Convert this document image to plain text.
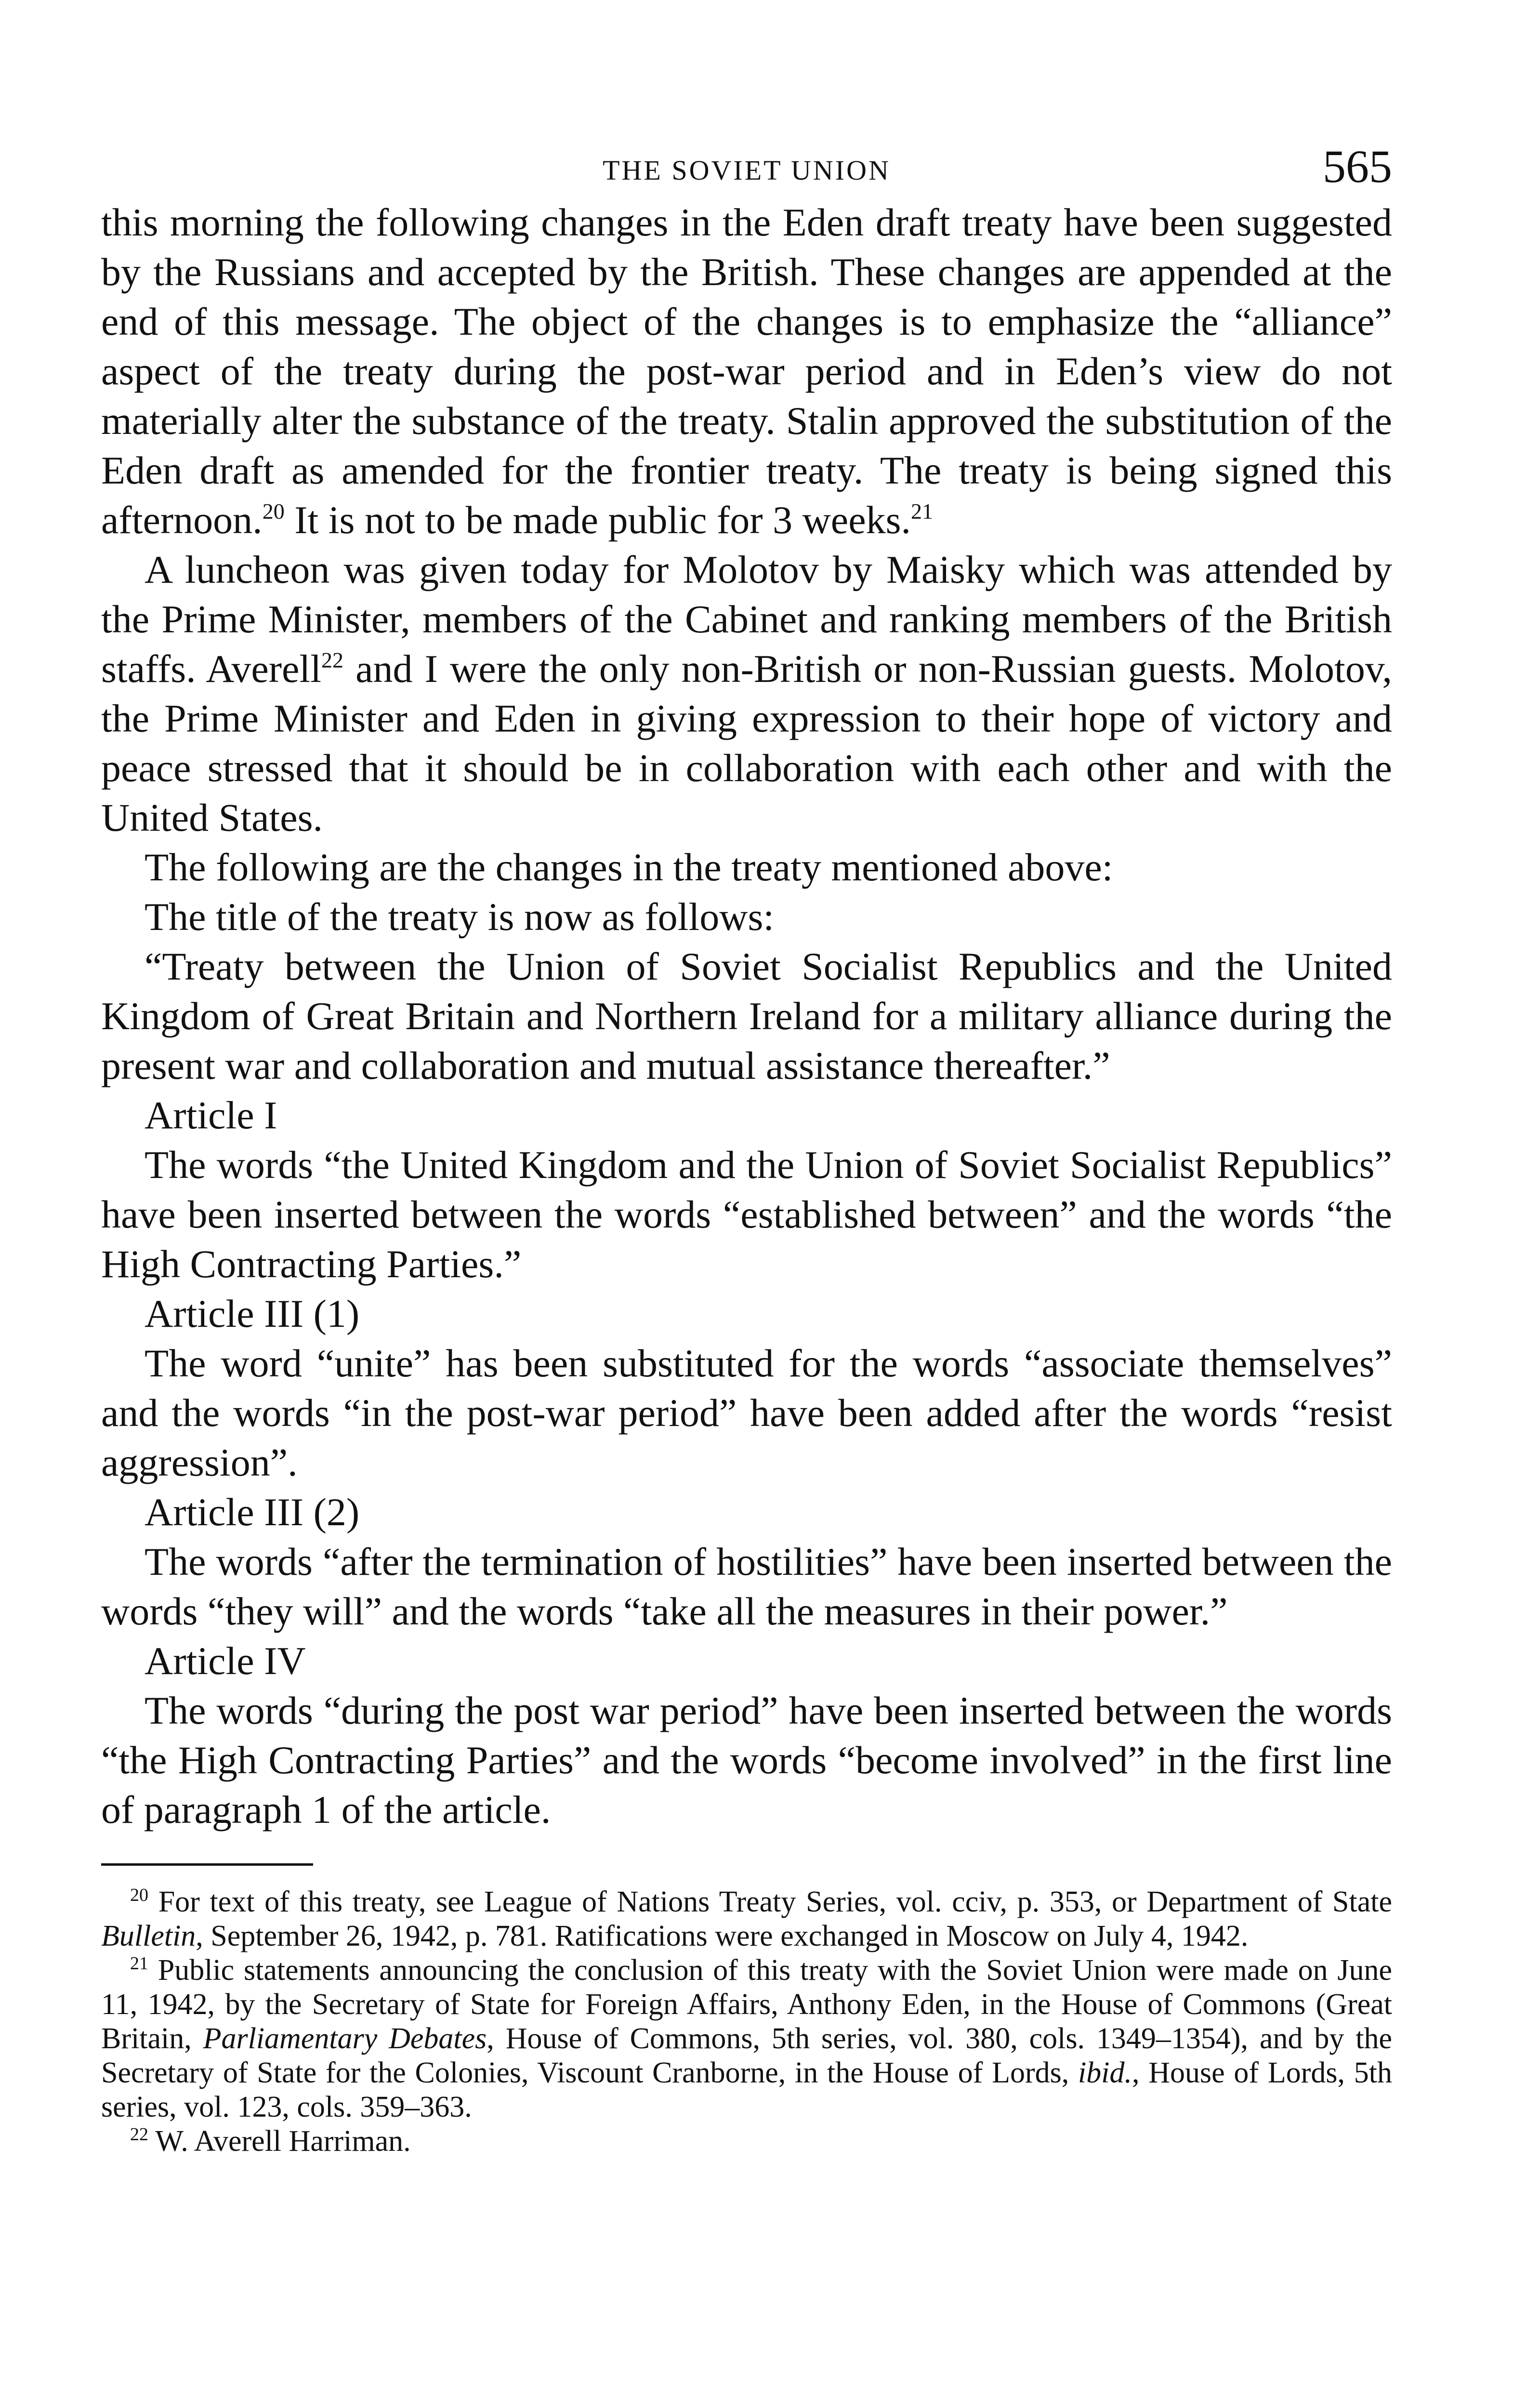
THE SOVIET UNION	565

this morning the following changes in the Eden draft treaty have been suggested by the Russians and accepted by the British. These changes are appended at the end of this message. The object of the changes is to emphasize the “alliance” aspect of the treaty during the post-war period and in Eden’s view do not materially alter the substance of the treaty. Stalin approved the substitution of the Eden draft as amended for the frontier treaty. The treaty is being signed this afternoon.$^{20}$ It is not to be made public for 3 weeks.$^{21}$

A luncheon was given today for Molotov by Maisky which was attended by the Prime Minister, members of the Cabinet and ranking members of the British staffs. Averell$^{22}$ and I were the only non-British or non-Russian guests. Molotov, the Prime Minister and Eden in giving expression to their hope of victory and peace stressed that it should be in collaboration with each other and with the United States.

The following are the changes in the treaty mentioned above:

The title of the treaty is now as follows:

“Treaty between the Union of Soviet Socialist Republics and the United Kingdom of Great Britain and Northern Ireland for a military alliance during the present war and collaboration and mutual assistance thereafter.”

Article I

The words “the United Kingdom and the Union of Soviet Socialist Republics” have been inserted between the words “established between” and the words “the High Contracting Parties.”

Article III (1)

The word “unite” has been substituted for the words “associate themselves” and the words “in the post-war period” have been added after the words “resist aggression”.

Article III (2)

The words “after the termination of hostilities” have been inserted between the words “they will” and the words “take all the measures in their power.”

Article IV

The words “during the post war period” have been inserted between the words “the High Contracting Parties” and the words “become involved” in the first line of paragraph 1 of the article.

$^{20}$ For text of this treaty, see League of Nations Treaty Series, vol. cciv, p. 353, or Department of State Bulletin, September 26, 1942, p. 781. Ratifications were exchanged in Moscow on July 4, 1942.

$^{21}$ Public statements announcing the conclusion of this treaty with the Soviet Union were made on June 11, 1942, by the Secretary of State for Foreign Affairs, Anthony Eden, in the House of Commons (Great Britain, Parliamentary Debates, House of Commons, 5th series, vol. 380, cols. 1349–1354), and by the Secretary of State for the Colonies, Viscount Cranborne, in the House of Lords, ibid., House of Lords, 5th series, vol. 123, cols. 359–363.

$^{22}$ W. Averell Harriman.
